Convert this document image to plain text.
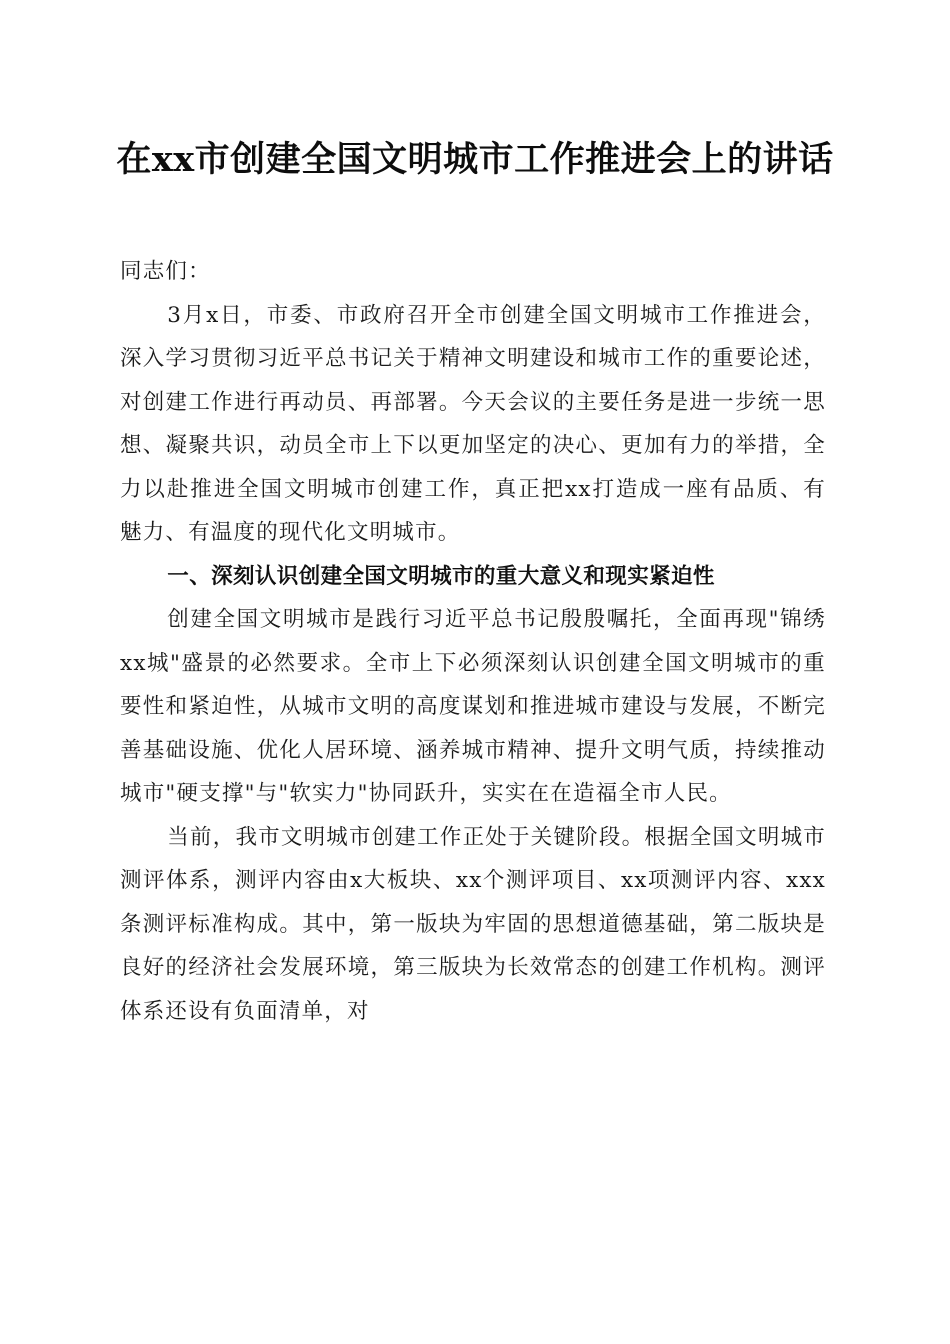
在xx市创建全国文明城市工作推进会上的讲话

同志们：

3月x日，市委、市政府召开全市创建全国文明城市工作推进会，深入学习贯彻习近平总书记关于精神文明建设和城市工作的重要论述，对创建工作进行再动员、再部署。今天会议的主要任务是进一步统一思想、凝聚共识，动员全市上下以更加坚定的决心、更加有力的举措，全力以赴推进全国文明城市创建工作，真正把xx打造成一座有品质、有魅力、有温度的现代化文明城市。

一、深刻认识创建全国文明城市的重大意义和现实紧迫性

创建全国文明城市是践行习近平总书记殷殷嘱托，全面再现"锦绣xx城"盛景的必然要求。全市上下必须深刻认识创建全国文明城市的重要性和紧迫性，从城市文明的高度谋划和推进城市建设与发展，不断完善基础设施、优化人居环境、涵养城市精神、提升文明气质，持续推动城市"硬支撑"与"软实力"协同跃升，实实在在造福全市人民。

当前，我市文明城市创建工作正处于关键阶段。根据全国文明城市测评体系，测评内容由x大板块、xx个测评项目、xx项测评内容、xxx条测评标准构成。其中，第一版块为牢固的思想道德基础，第二版块是良好的经济社会发展环境，第三版块为长效常态的创建工作机构。测评体系还设有负面清单，对
